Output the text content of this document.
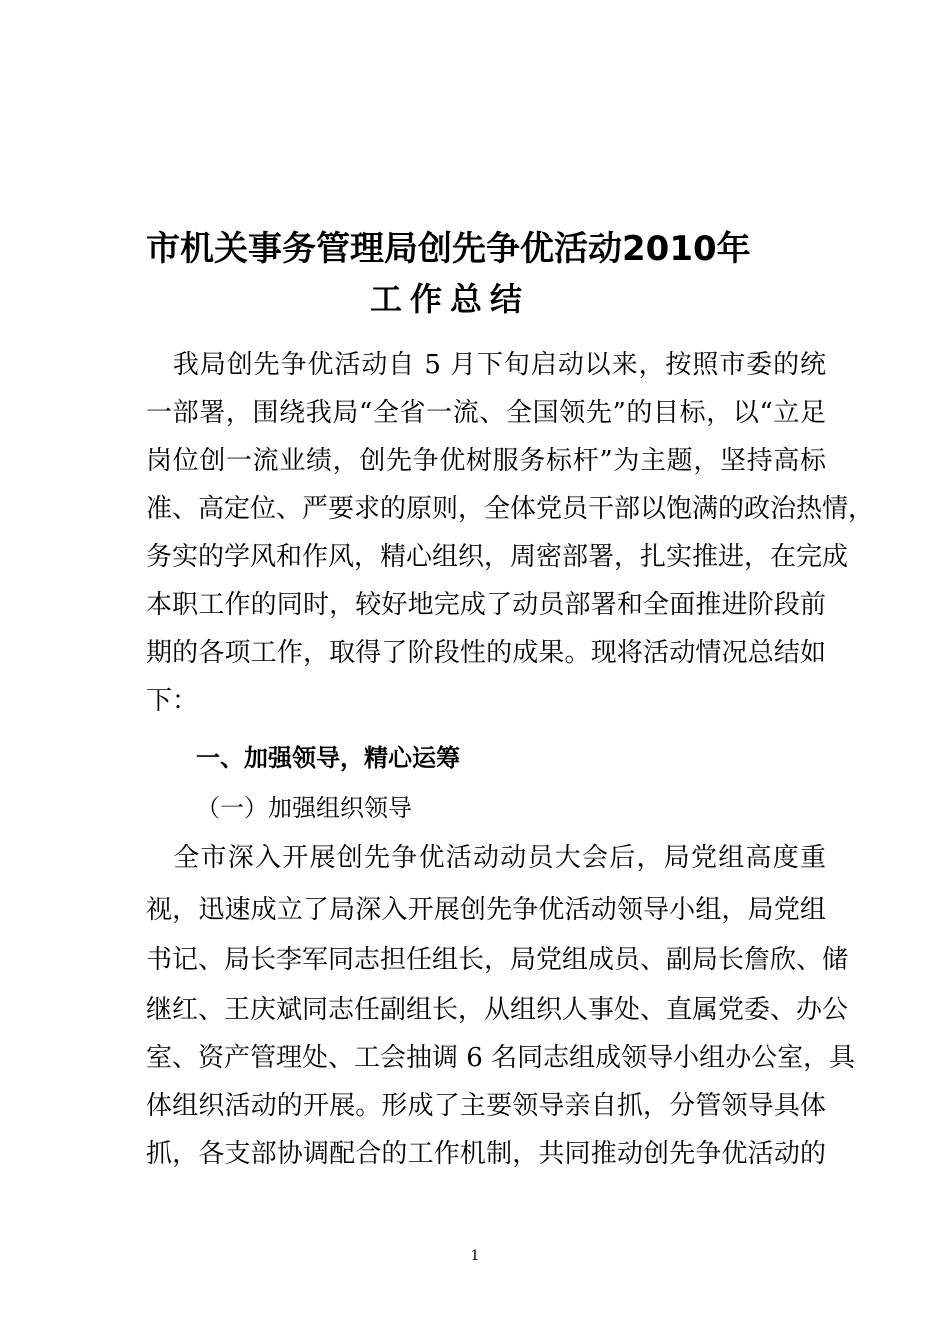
市机关事务管理局创先争优活动2010年
工作总结

　我局创先争优活动自 5 月下旬启动以来，按照市委的统

一部署，围绕我局“全省一流、全国领先”的目标，以“立足

岗位创一流业绩，创先争优树服务标杆”为主题，坚持高标

准、高定位、严要求的原则，全体党员干部以饱满的政治热情，

务实的学风和作风，精心组织，周密部署，扎实推进，在完成

本职工作的同时，较好地完成了动员部署和全面推进阶段前

期的各项工作，取得了阶段性的成果。现将活动情况总结如

下：

一、加强领导，精心运筹

（一）加强组织领导

　全市深入开展创先争优活动动员大会后，局党组高度重

视，迅速成立了局深入开展创先争优活动领导小组，局党组

书记、局长李军同志担任组长，局党组成员、副局长詹欣、储

继红、王庆斌同志任副组长，从组织人事处、直属党委、办公

室、资产管理处、工会抽调 6 名同志组成领导小组办公室，具

体组织活动的开展。形成了主要领导亲自抓，分管领导具体

抓，各支部协调配合的工作机制，共同推动创先争优活动的

1
